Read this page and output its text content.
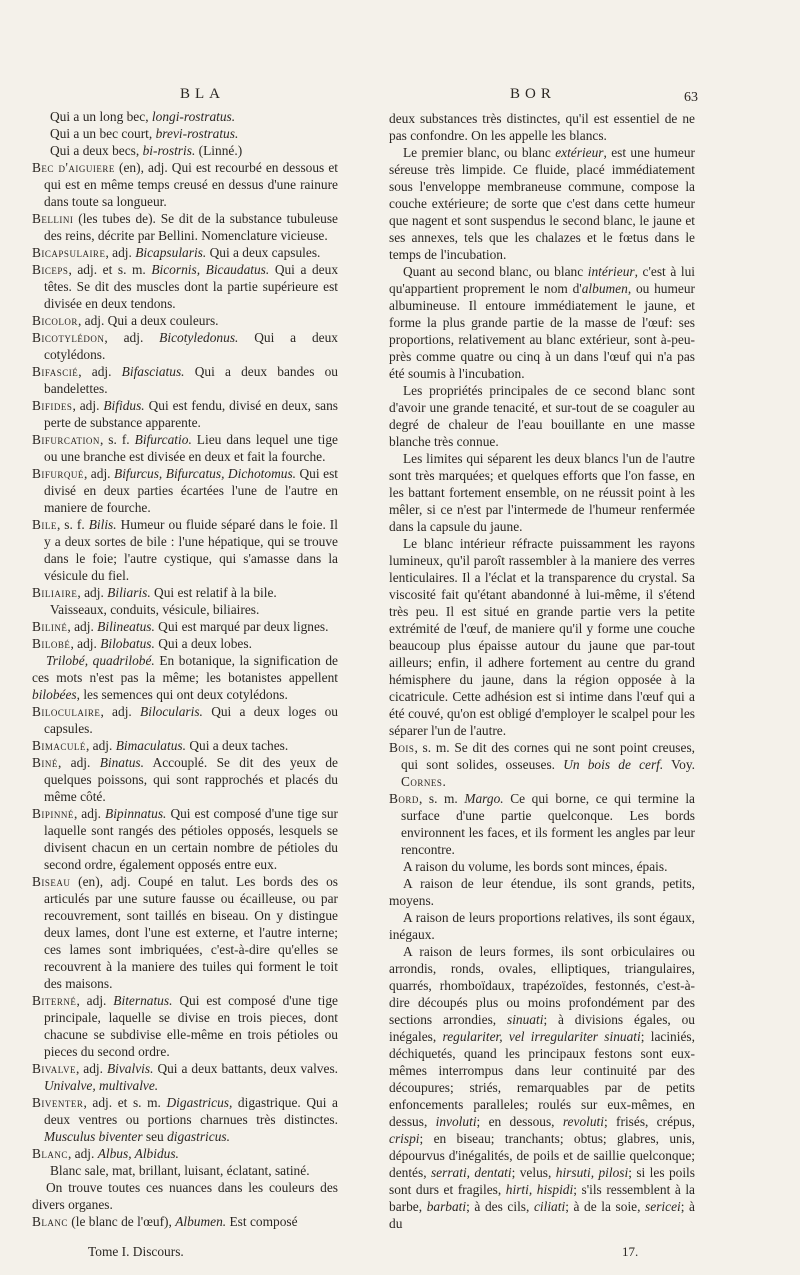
BLA	BOR	63

Qui a un long bec, longi-rostratus.

Qui a un bec court, brevi-rostratus.

Qui a deux becs, bi-rostris. (Linné.)

Bec d'aiguiere (en), adj. Qui est recourbé en dessous et qui est en même temps creusé en dessus d'une rainure dans toute sa longueur.

Bellini (les tubes de). Se dit de la substance tubuleuse des reins, décrite par Bellini. Nomenclature vicieuse.

Bicapsulaire, adj. Bicapsularis. Qui a deux capsules.

Biceps, adj. et s. m. Bicornis, Bicaudatus. Qui a deux têtes. Se dit des muscles dont la partie supérieure est divisée en deux tendons.

Bicolor, adj. Qui a deux couleurs.

Bicotylédon, adj. Bicotyledonus. Qui a deux cotylédons.

Bifascié, adj. Bifasciatus. Qui a deux bandes ou bandelettes.

Bifides, adj. Bifidus. Qui est fendu, divisé en deux, sans perte de substance apparente.

Bifurcation, s. f. Bifurcatio. Lieu dans lequel une tige ou une branche est divisée en deux et fait la fourche.

Bifurqué, adj. Bifurcus, Bifurcatus, Dichotomus. Qui est divisé en deux parties écartées l'une de l'autre en maniere de fourche.

Bile, s. f. Bilis. Humeur ou fluide séparé dans le foie. Il y a deux sortes de bile : l'une hépatique, qui se trouve dans le foie; l'autre cystique, qui s'amasse dans la vésicule du fiel.

Biliaire, adj. Biliaris. Qui est relatif à la bile.

Vaisseaux, conduits, vésicule, biliaires.

Biliné, adj. Bilineatus. Qui est marqué par deux lignes.

Bilobé, adj. Bilobatus. Qui a deux lobes.

Trilobé, quadrilobé. En botanique, la signification de ces mots n'est pas la même; les botanistes appellent bilobées, les semences qui ont deux cotylédons.

Biloculaire, adj. Bilocularis. Qui a deux loges ou capsules.

Bimaculé, adj. Bimaculatus. Qui a deux taches.

Biné, adj. Binatus. Accouplé. Se dit des yeux de quelques poissons, qui sont rapprochés et placés du même côté.

Bipinné, adj. Bipinnatus. Qui est composé d'une tige sur laquelle sont rangés des pétioles opposés, lesquels se divisent chacun en un certain nombre de pétioles du second ordre, également opposés entre eux.

Biseau (en), adj. Coupé en talut. Les bords des os articulés par une suture fausse ou écailleuse, ou par recouvrement, sont taillés en biseau. On y distingue deux lames, dont l'une est externe, et l'autre interne; ces lames sont imbriquées, c'est-à-dire qu'elles se recouvrent à la maniere des tuiles qui forment le toit des maisons.

Biterné, adj. Biternatus. Qui est composé d'une tige principale, laquelle se divise en trois pieces, dont chacune se subdivise elle-même en trois pétioles ou pieces du second ordre.

Bivalve, adj. Bivalvis. Qui a deux battants, deux valves. Univalve, multivalve.

Biventer, adj. et s. m. Digastricus, digastrique. Qui a deux ventres ou portions charnues très distinctes. Musculus biventer seu digastricus.

Blanc, adj. Albus, Albidus.

Blanc sale, mat, brillant, luisant, éclatant, satiné.

On trouve toutes ces nuances dans les couleurs des divers organes.

Blanc (le blanc de l'œuf), Albumen. Est composé

deux substances très distinctes, qu'il est essentiel de ne pas confondre. On les appelle les blancs.

Le premier blanc, ou blanc extérieur, est une humeur séreuse très limpide. Ce fluide, placé immédiatement sous l'enveloppe membraneuse commune, compose la couche extérieure; de sorte que c'est dans cette humeur que nagent et sont suspendus le second blanc, le jaune et ses annexes, tels que les chalazes et le fœtus dans le temps de l'incubation.

Quant au second blanc, ou blanc intérieur, c'est à lui qu'appartient proprement le nom d'albumen, ou humeur albumineuse. Il entoure immédiatement le jaune, et forme la plus grande partie de la masse de l'œuf: ses proportions, relativement au blanc extérieur, sont à-peu-près comme quatre ou cinq à un dans l'œuf qui n'a pas été soumis à l'incubation.

Les propriétés principales de ce second blanc sont d'avoir une grande tenacité, et sur-tout de se coaguler au degré de chaleur de l'eau bouillante en une masse blanche très connue.

Les limites qui séparent les deux blancs l'un de l'autre sont très marquées; et quelques efforts que l'on fasse, en les battant fortement ensemble, on ne réussit point à les mêler, si ce n'est par l'intermede de l'humeur renfermée dans la capsule du jaune.

Le blanc intérieur réfracte puissamment les rayons lumineux, qu'il paroît rassembler à la maniere des verres lenticulaires. Il a l'éclat et la transparence du crystal. Sa viscosité fait qu'étant abandonné à lui-même, il s'étend très peu. Il est situé en grande partie vers la petite extrémité de l'œuf, de maniere qu'il y forme une couche beaucoup plus épaisse autour du jaune que par-tout ailleurs; enfin, il adhere fortement au centre du grand hémisphere du jaune, dans la région opposée à la cicatricule. Cette adhésion est si intime dans l'œuf qui a été couvé, qu'on est obligé d'employer le scalpel pour les séparer l'un de l'autre.

Bois, s. m. Se dit des cornes qui ne sont point creuses, qui sont solides, osseuses. Un bois de cerf. Voy. Cornes.

Bord, s. m. Margo. Ce qui borne, ce qui termine la surface d'une partie quelconque. Les bords environnent les faces, et ils forment les angles par leur rencontre.

A raison du volume, les bords sont minces, épais.

A raison de leur étendue, ils sont grands, petits, moyens.

A raison de leurs proportions relatives, ils sont égaux, inégaux.

A raison de leurs formes, ils sont orbiculaires ou arrondis, ronds, ovales, elliptiques, triangulaires, quarrés, rhomboïdaux, trapézoïdes, festonnés, c'est-à-dire découpés plus ou moins profondément par des sections arrondies, sinuati; à divisions égales, ou inégales, regulariter, vel irregulariter sinuati; laciniés, déchiquetés, quand les principaux festons sont eux-mêmes interrompus dans leur continuité par des découpures; striés, remarquables par de petits enfoncements paralleles; roulés sur eux-mêmes, en dessus, involuti; en dessous, revoluti; frisés, crépus, crispi; en biseau; tranchants; obtus; glabres, unis, dépourvus d'inégalités, de poils et de saillie quelconque; dentés, serrati, dentati; velus, hirsuti, pilosi; si les poils sont durs et fragiles, hirti, hispidi; s'ils ressemblent à la barbe, barbati; à des cils, ciliati; à de la soie, sericei; à du

Tome I. Discours.	17.
